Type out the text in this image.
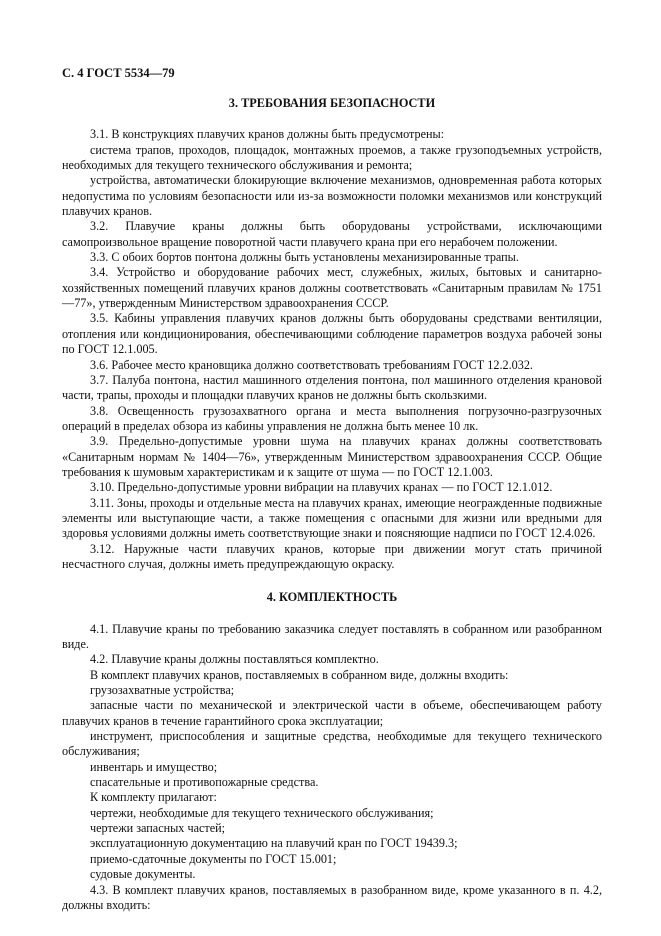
С. 4 ГОСТ 5534—79

3. ТРЕБОВАНИЯ БЕЗОПАСНОСТИ

3.1. В конструкциях плавучих кранов должны быть предусмотрены:

система трапов, проходов, площадок, монтажных проемов, а также грузоподъемных устройств, необходимых для текущего технического обслуживания и ремонта;

устройства, автоматически блокирующие включение механизмов, одновременная работа которых недопустима по условиям безопасности или из-за возможности поломки механизмов или конструкций плавучих кранов.

3.2. Плавучие краны должны быть оборудованы устройствами, исключающими самопроизвольное вращение поворотной части плавучего крана при его нерабочем положении.

3.3. С обоих бортов понтона должны быть установлены механизированные трапы.

3.4. Устройство и оборудование рабочих мест, служебных, жилых, бытовых и санитарно-хозяйственных помещений плавучих кранов должны соответствовать «Санитарным правилам № 1751—77», утвержденным Министерством здравоохранения СССР.

3.5. Кабины управления плавучих кранов должны быть оборудованы средствами вентиляции, отопления или кондиционирования, обеспечивающими соблюдение параметров воздуха рабочей зоны по ГОСТ 12.1.005.

3.6. Рабочее место крановщика должно соответствовать требованиям ГОСТ 12.2.032.

3.7. Палуба понтона, настил машинного отделения понтона, пол машинного отделения крановой части, трапы, проходы и площадки плавучих кранов не должны быть скользкими.

3.8. Освещенность грузозахватного органа и места выполнения погрузочно-разгрузочных операций в пределах обзора из кабины управления не должна быть менее 10 лк.

3.9. Предельно-допустимые уровни шума на плавучих кранах должны соответствовать «Санитарным нормам № 1404—76», утвержденным Министерством здравоохранения СССР. Общие требования к шумовым характеристикам и к защите от шума — по ГОСТ 12.1.003.

3.10. Предельно-допустимые уровни вибрации на плавучих кранах — по ГОСТ 12.1.012.

3.11. Зоны, проходы и отдельные места на плавучих кранах, имеющие неогражденные подвижные элементы или выступающие части, а также помещения с опасными для жизни или вредными для здоровья условиями должны иметь соответствующие знаки и поясняющие надписи по ГОСТ 12.4.026.

3.12. Наружные части плавучих кранов, которые при движении могут стать причиной несчастного случая, должны иметь предупреждающую окраску.

4. КОМПЛЕКТНОСТЬ

4.1. Плавучие краны по требованию заказчика следует поставлять в собранном или разобранном виде.

4.2. Плавучие краны должны поставляться комплектно.

В комплект плавучих кранов, поставляемых в собранном виде, должны входить:

грузозахватные устройства;

запасные части по механической и электрической части в объеме, обеспечивающем работу плавучих кранов в течение гарантийного срока эксплуатации;

инструмент, приспособления и защитные средства, необходимые для текущего технического обслуживания;

инвентарь и имущество;

спасательные и противопожарные средства.

К комплекту прилагают:

чертежи, необходимые для текущего технического обслуживания;

чертежи запасных частей;

эксплуатационную документацию на плавучий кран по ГОСТ 19439.3;

приемо-сдаточные документы по ГОСТ 15.001;

судовые документы.

4.3. В комплект плавучих кранов, поставляемых в разобранном виде, кроме указанного в п. 4.2, должны входить:
